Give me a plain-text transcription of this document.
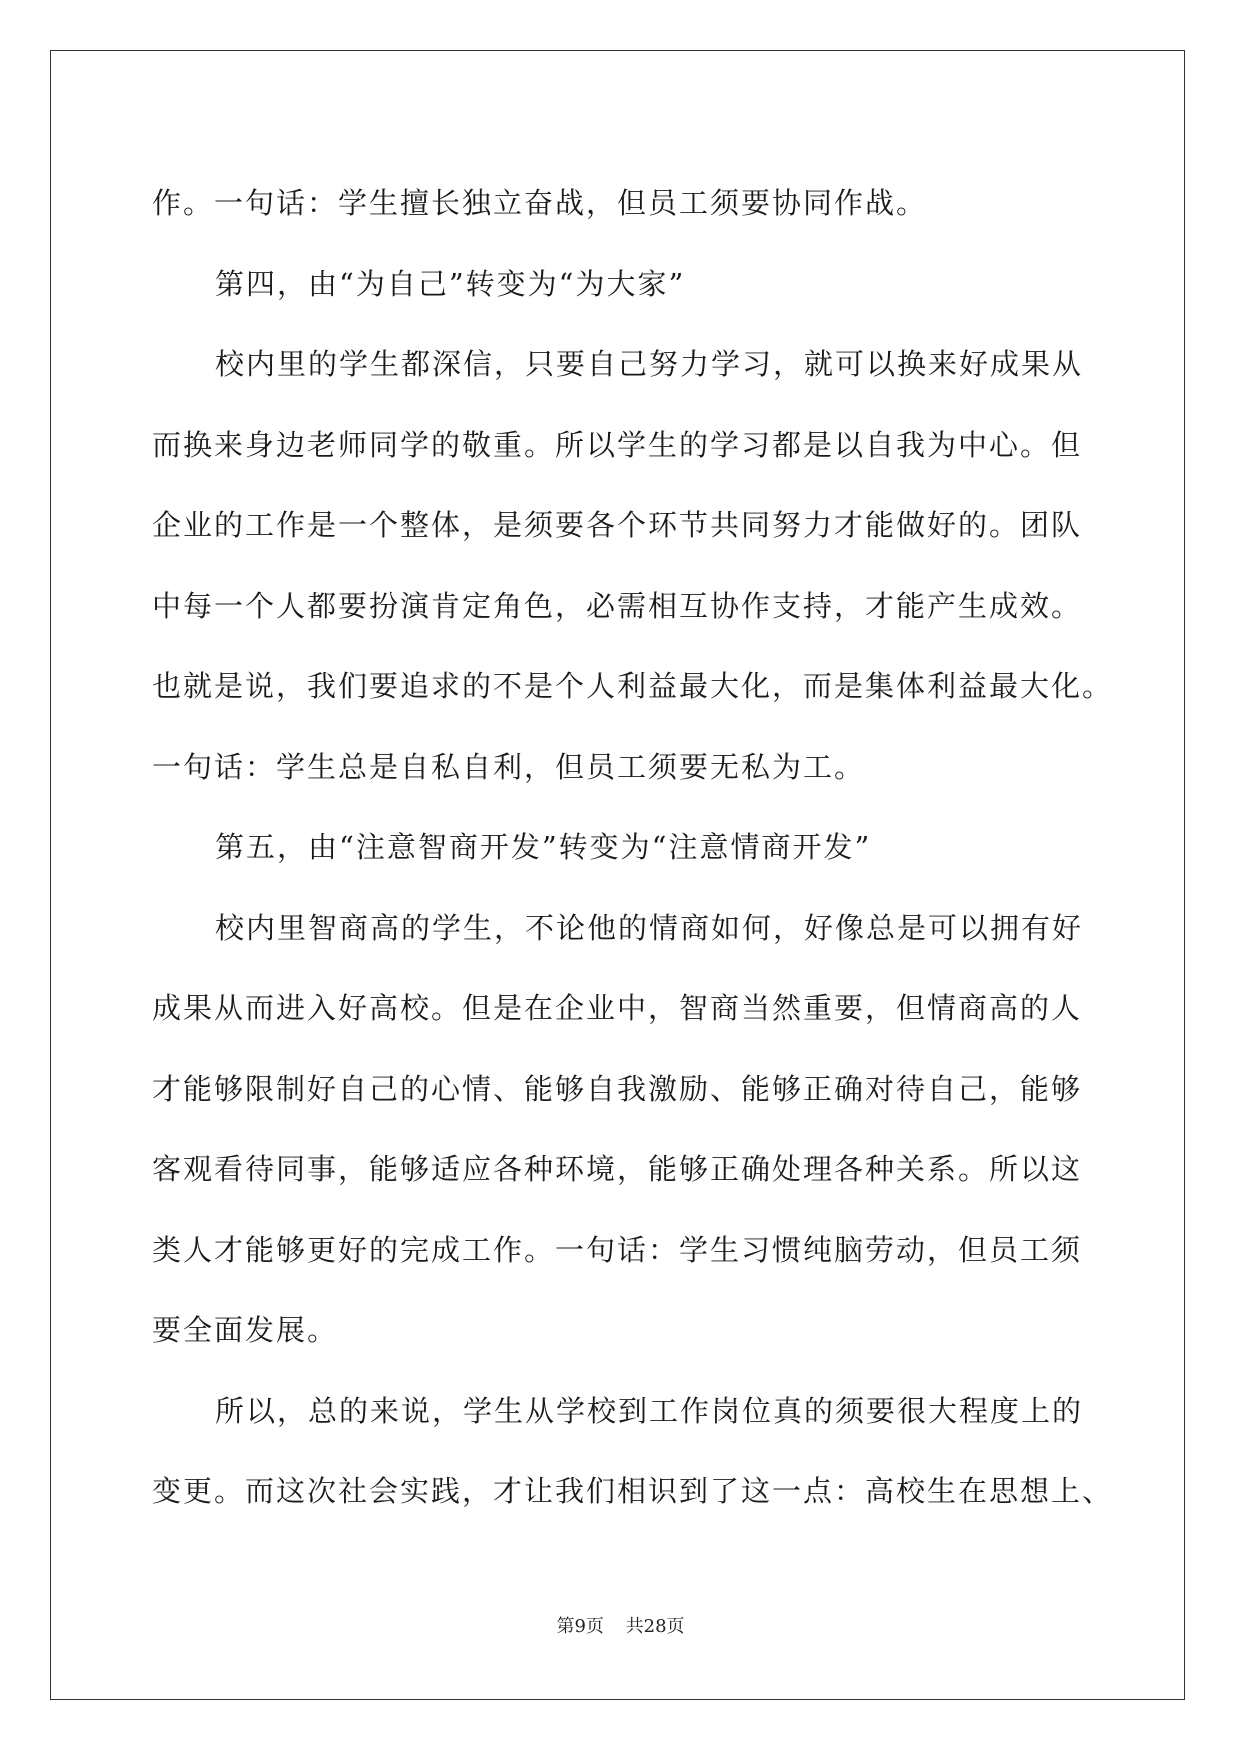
作。一句话：学生擅长独立奋战，但员工须要协同作战。
第四，由“为自己”转变为“为大家”
校内里的学生都深信，只要自己努力学习，就可以换来好成果从
而换来身边老师同学的敬重。所以学生的学习都是以自我为中心。但
企业的工作是一个整体，是须要各个环节共同努力才能做好的。团队
中每一个人都要扮演肯定角色，必需相互协作支持，才能产生成效。
也就是说，我们要追求的不是个人利益最大化，而是集体利益最大化。
一句话：学生总是自私自利，但员工须要无私为工。
第五，由“注意智商开发”转变为“注意情商开发”
校内里智商高的学生，不论他的情商如何，好像总是可以拥有好
成果从而进入好高校。但是在企业中，智商当然重要，但情商高的人
才能够限制好自己的心情、能够自我激励、能够正确对待自己，能够
客观看待同事，能够适应各种环境，能够正确处理各种关系。所以这
类人才能够更好的完成工作。一句话：学生习惯纯脑劳动，但员工须
要全面发展。
所以，总的来说，学生从学校到工作岗位真的须要很大程度上的
变更。而这次社会实践，才让我们相识到了这一点：高校生在思想上、
第9页 共28页
